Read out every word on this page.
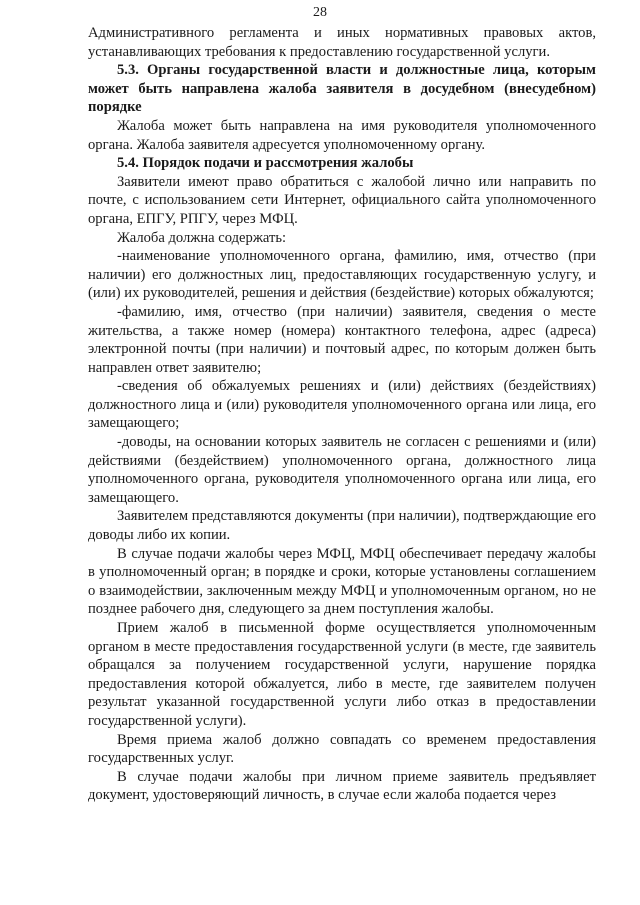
28

Административного регламента и иных нормативных правовых актов, устанавливающих требования к предоставлению государственной услуги.

5.3. Органы государственной власти и должностные лица, которым может быть направлена жалоба заявителя в досудебном (внесудебном) порядке

Жалоба может быть направлена на имя руководителя уполномоченного органа. Жалоба заявителя адресуется уполномоченному органу.

5.4. Порядок подачи и рассмотрения жалобы

Заявители имеют право обратиться с жалобой лично или направить по почте, с использованием сети Интернет, официального сайта уполномоченного органа, ЕПГУ, РПГУ, через МФЦ.

Жалоба должна содержать:

-наименование уполномоченного органа, фамилию, имя, отчество (при наличии) его должностных лиц, предоставляющих государственную услугу, и (или) их руководителей, решения и действия (бездействие) которых обжалуются;

-фамилию, имя, отчество (при наличии) заявителя, сведения о месте жительства, а также номер (номера) контактного телефона, адрес (адреса) электронной почты (при наличии) и почтовый адрес, по которым должен быть направлен ответ заявителю;

-сведения об обжалуемых решениях и (или) действиях (бездействиях) должностного лица и (или) руководителя уполномоченного органа или лица, его замещающего;

-доводы, на основании которых заявитель не согласен с решениями и (или) действиями (бездействием) уполномоченного органа, должностного лица уполномоченного органа, руководителя уполномоченного органа или лица, его замещающего.

Заявителем представляются документы (при наличии), подтверждающие его доводы либо их копии.

В случае подачи жалобы через МФЦ, МФЦ обеспечивает передачу жалобы в уполномоченный орган; в порядке и сроки, которые установлены соглашением о взаимодействии, заключенным между МФЦ и уполномоченным органом, но не позднее рабочего дня, следующего за днем поступления жалобы.

Прием жалоб в письменной форме осуществляется уполномоченным органом в месте предоставления государственной услуги (в месте, где заявитель обращался за получением государственной услуги, нарушение порядка предоставления которой обжалуется, либо в месте, где заявителем получен результат указанной государственной услуги либо отказ в предоставлении государственной услуги).

Время приема жалоб должно совпадать со временем предоставления государственных услуг.

В случае подачи жалобы при личном приеме заявитель предъявляет документ, удостоверяющий личность, в случае если жалоба подается через
